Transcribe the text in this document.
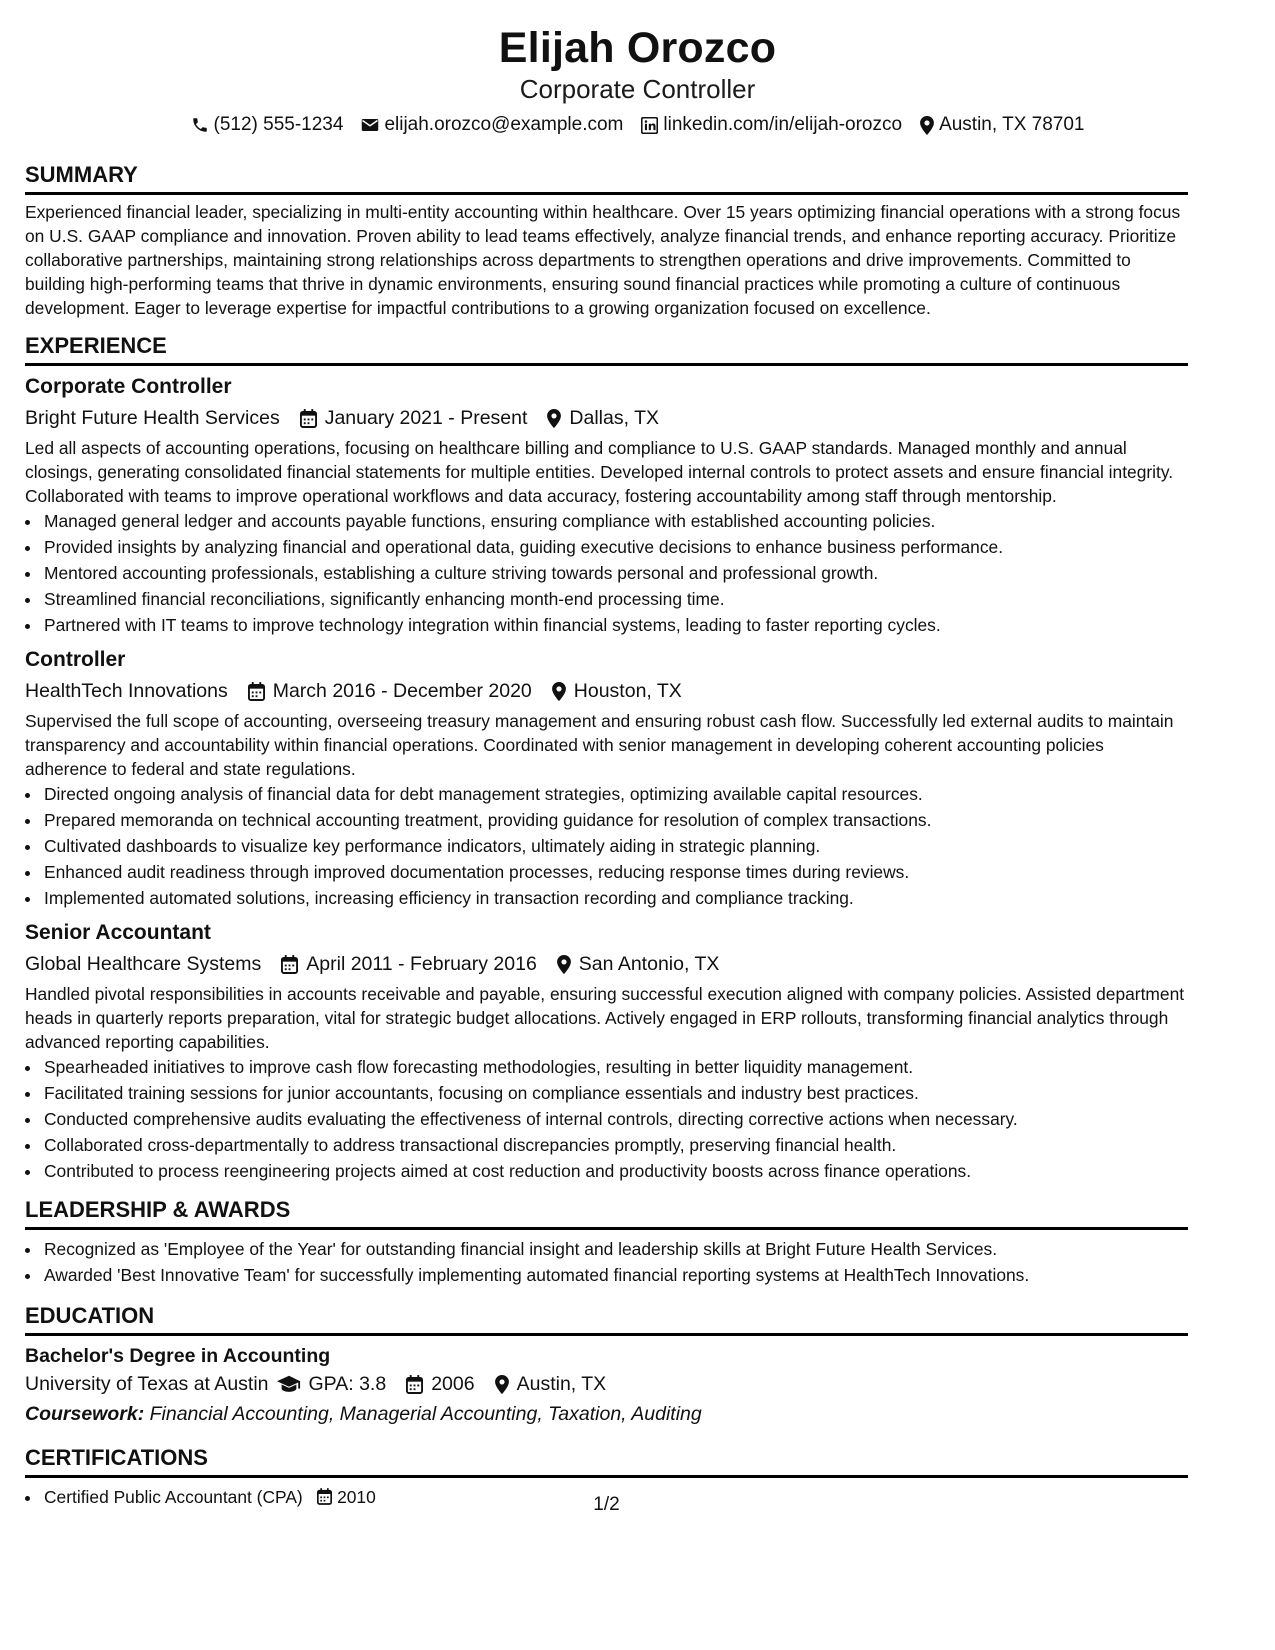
Elijah Orozco
Corporate Controller
(512) 555-1234 elijah.orozco@example.com linkedin.com/in/elijah-orozco Austin, TX 78701
SUMMARY
Experienced financial leader, specializing in multi-entity accounting within healthcare. Over 15 years optimizing financial operations with a strong focus on U.S. GAAP compliance and innovation. Proven ability to lead teams effectively, analyze financial trends, and enhance reporting accuracy. Prioritize collaborative partnerships, maintaining strong relationships across departments to strengthen operations and drive improvements. Committed to building high-performing teams that thrive in dynamic environments, ensuring sound financial practices while promoting a culture of continuous development. Eager to leverage expertise for impactful contributions to a growing organization focused on excellence.
EXPERIENCE
Corporate Controller
Bright Future Health Services January 2021 - Present Dallas, TX
Led all aspects of accounting operations, focusing on healthcare billing and compliance to U.S. GAAP standards. Managed monthly and annual closings, generating consolidated financial statements for multiple entities. Developed internal controls to protect assets and ensure financial integrity. Collaborated with teams to improve operational workflows and data accuracy, fostering accountability among staff through mentorship.
• Managed general ledger and accounts payable functions, ensuring compliance with established accounting policies.
• Provided insights by analyzing financial and operational data, guiding executive decisions to enhance business performance.
• Mentored accounting professionals, establishing a culture striving towards personal and professional growth.
• Streamlined financial reconciliations, significantly enhancing month-end processing time.
• Partnered with IT teams to improve technology integration within financial systems, leading to faster reporting cycles.
Controller
HealthTech Innovations March 2016 - December 2020 Houston, TX
Supervised the full scope of accounting, overseeing treasury management and ensuring robust cash flow. Successfully led external audits to maintain transparency and accountability within financial operations. Coordinated with senior management in developing coherent accounting policies adherence to federal and state regulations.
• Directed ongoing analysis of financial data for debt management strategies, optimizing available capital resources.
• Prepared memoranda on technical accounting treatment, providing guidance for resolution of complex transactions.
• Cultivated dashboards to visualize key performance indicators, ultimately aiding in strategic planning.
• Enhanced audit readiness through improved documentation processes, reducing response times during reviews.
• Implemented automated solutions, increasing efficiency in transaction recording and compliance tracking.
Senior Accountant
Global Healthcare Systems April 2011 - February 2016 San Antonio, TX
Handled pivotal responsibilities in accounts receivable and payable, ensuring successful execution aligned with company policies. Assisted department heads in quarterly reports preparation, vital for strategic budget allocations. Actively engaged in ERP rollouts, transforming financial analytics through advanced reporting capabilities.
• Spearheaded initiatives to improve cash flow forecasting methodologies, resulting in better liquidity management.
• Facilitated training sessions for junior accountants, focusing on compliance essentials and industry best practices.
• Conducted comprehensive audits evaluating the effectiveness of internal controls, directing corrective actions when necessary.
• Collaborated cross-departmentally to address transactional discrepancies promptly, preserving financial health.
• Contributed to process reengineering projects aimed at cost reduction and productivity boosts across finance operations.
LEADERSHIP & AWARDS
• Recognized as 'Employee of the Year' for outstanding financial insight and leadership skills at Bright Future Health Services.
• Awarded 'Best Innovative Team' for successfully implementing automated financial reporting systems at HealthTech Innovations.
EDUCATION
Bachelor's Degree in Accounting
University of Texas at Austin GPA: 3.8 2006 Austin, TX
Coursework: Financial Accounting, Managerial Accounting, Taxation, Auditing
CERTIFICATIONS
• Certified Public Accountant (CPA) 2010	1/2
